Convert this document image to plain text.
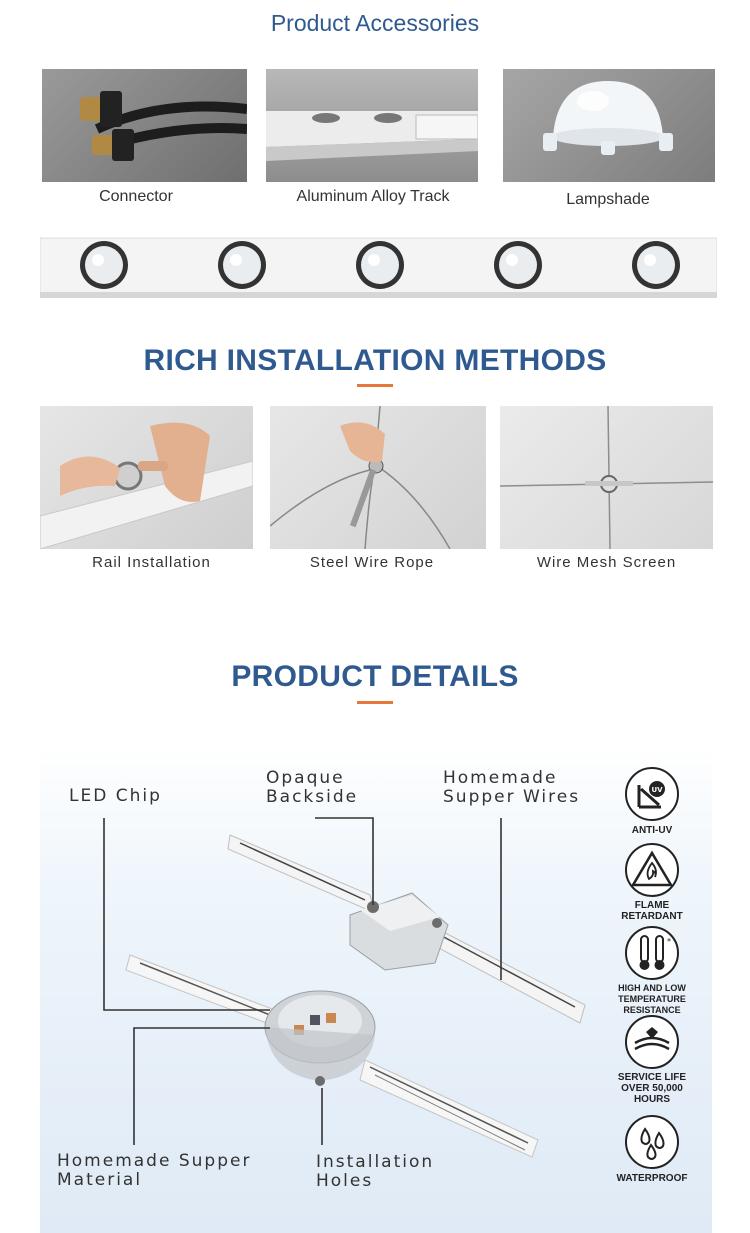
Product Accessories
Connector	Aluminum Alloy Track	Lampshade
RICH INSTALLATION METHODS
Rail Installation	Steel Wire Rope	Wire Mesh Screen
PRODUCT DETAILS
LED Chip
Opaque
Backside
Homemade
Supper Wires
Homemade Supper
Material
Installation
Holes
UV
ANTI-UV
FLAME
RETARDANT
*
HIGH AND LOW
TEMPERATURE
RESISTANCE
SERVICE LIFE
OVER 50,000
HOURS
WATERPROOF
